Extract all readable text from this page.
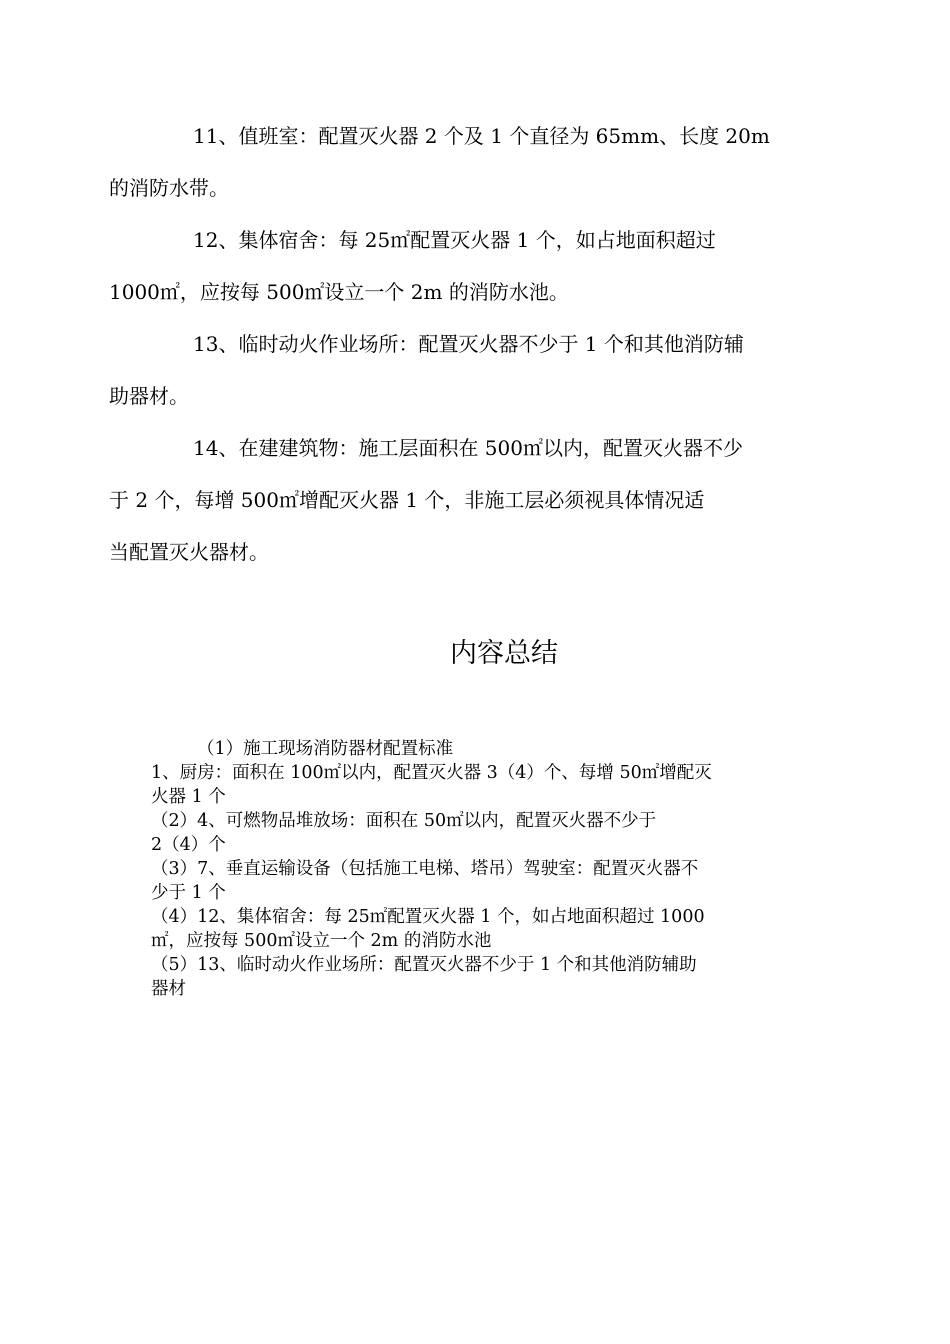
11、值班室：配置灭火器 2 个及 1 个直径为 65mm、长度 20m
的消防水带。

12、集体宿舍：每 25㎡配置灭火器 1 个，如占地面积超过
1000㎡，应按每 500㎡设立一个 2m 的消防水池。

13、临时动火作业场所：配置灭火器不少于 1 个和其他消防辅
助器材。

14、在建建筑物：施工层面积在 500㎡以内，配置灭火器不少
于 2 个，每增 500㎡增配灭火器 1 个，非施工层必须视具体情况适
当配置灭火器材。

内容总结
（1）施工现场消防器材配置标准
1、厨房：面积在 100㎡以内，配置灭火器 3（4）个、每增 50㎡增配灭
火器 1 个
（2）4、可燃物品堆放场：面积在 50㎡以内，配置灭火器不少于
2（4）个
（3）7、垂直运输设备（包括施工电梯、塔吊）驾驶室：配置灭火器不
少于 1 个
（4）12、集体宿舍：每 25㎡配置灭火器 1 个，如占地面积超过 1000
㎡，应按每 500㎡设立一个 2m 的消防水池
（5）13、临时动火作业场所：配置灭火器不少于 1 个和其他消防辅助
器材
